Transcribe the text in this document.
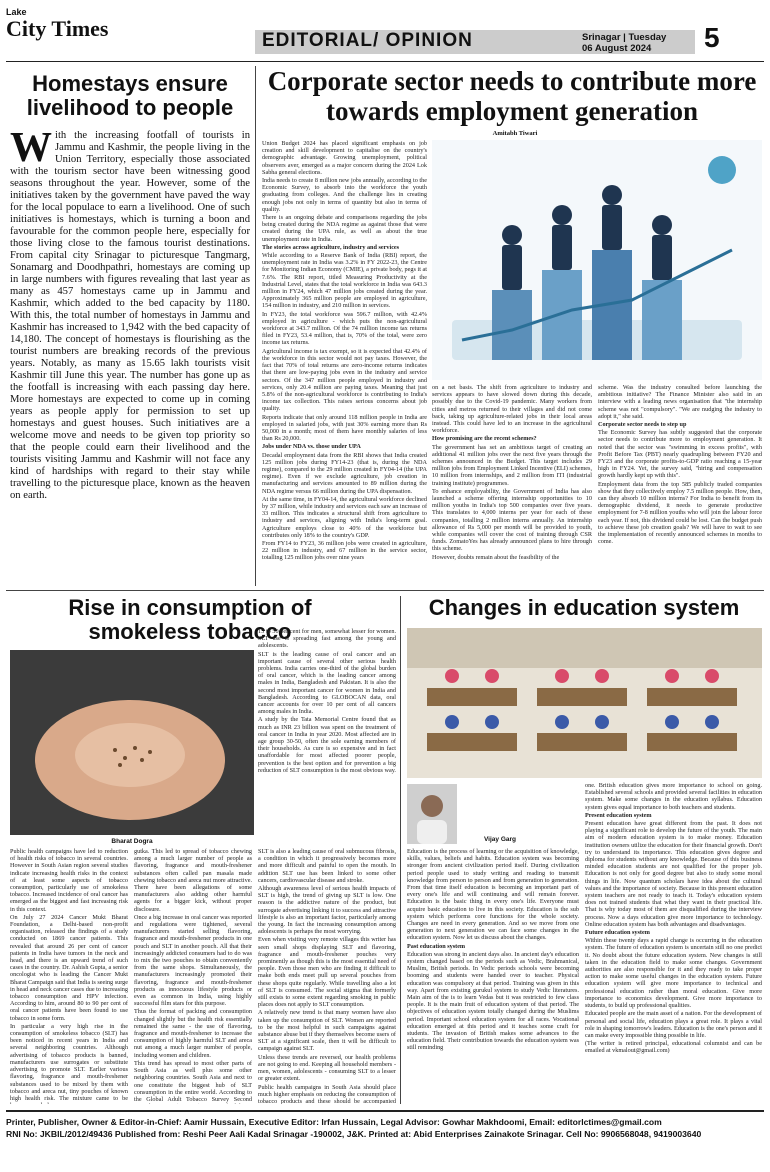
Lake
City Times	EDITORIAL/ OPINION	Srinagar | Tuesday
06 August 2024	5
Homestays ensure livelihood to people
With the increasing footfall of tourists in Jammu and Kashmir, the people living in the Union Territory, especially those associated with the tourism sector have been witnessing good seasons throughout the year. However, some of the initiatives taken by the government have paved the way for the local populace to earn a livelihood. One of such initiatives is homestays, which is turning a boon and favourable for the common people here, especially for those living close to the famous tourist destinations. From capital city Srinagar to picturesque Tangmarg, Sonamarg and Doodhpathri, homestays are coming up in large numbers with figures revealing that last year as many as 457 homestays came up in Jammu and Kashmir, which added to the bed capacity by 1180. With this, the total number of homestays in Jammu and Kashmir has increased to 1,942 with the bed capacity of 14,180. The concept of homestays is flourishing as the tourist numbers are breaking records of the previous years. Notably, as many as 15.65 lakh tourists visit Kashmir till June this year. The number has gone up as the footfall is increasing with each passing day here. More homestays are expected to come up in coming years as people apply for permission to set up homestays and guest houses. Such initiatives are a welcome move and needs to be given top priority so that the people could earn their livelihood and the tourists visiting Jammu and Kashmir will not face any kind of hardships with regard to their stay while travelling to the picturesque place, known as the heaven on earth.
Corporate sector needs to contribute more towards employment generation
Amitabh Tiwari

Union Budget 2024 has placed significant emphasis on job creation and skill development to capitalise on the country's demographic advantage. Growing unemployment, political observers aver, emerged as a major concern during the 2024 Lok Sabha general elections.

India needs to create 8 million new jobs annually, according to the Economic Survey, to absorb into the workforce the youth graduating from colleges. And the challenge lies in creating enough jobs not only in terms of quantity but also in terms of quality.

There is an ongoing debate and comparisons regarding the jobs being created during the NDA regime as against those that were created during the UPA rule, as well as about the true unemployment rate in India.

The stories across agriculture, industry and services

While according to a Reserve Bank of India (RBI) report, the unemployment rate in India was 3.2% in FY 2022-23, the Centre for Monitoring Indian Economy (CMIE), a private body, pegs it at 7.6%. The RBI report, titled Measuring Productivity at the Industrial Level, states that the total workforce in India was 643.3 million in FY24, which 47 million jobs created during the year. Approximately 365 million people are employed in agriculture, 154 million in industry, and 210 million in services.

In FY23, the total workforce was 596.7 million, with 42.4% employed in agriculture - which puts the non-agricultural workforce at 343.7 million. Of the 74 million income tax returns filed in FY23, 53.4 million, that is, 70% of the total, were zero income tax returns.

Agricultural income is tax exempt, so it is expected that 42.4% of the workforce in this sector would not pay taxes. However, the fact that 70% of total returns are zero-income returns indicates that there are low-paying jobs even in the industry and service sectors. Of the 347 million people employed in industry and services, only 20.4 million are paying taxes. Meaning that just 5.8% of the non-agricultural workforce is contributing to India's income tax collection. This raises serious concerns about job quality.

Reports indicate that only around 118 million people in India are employed in salaried jobs, with just 30% earning more than Rs 50,000 in a month; most of them have monthly salaries of less than Rs 20,000.

Jobs under NDA vs. those under UPA

Decadal employment data from the RBI shows that India created 125 million jobs during FY14-23 (that is, during the NDA regime), compared to the 29 million created in FY04-14 (the UPA regime). Even if we exclude agriculture, job creation in manufacturing and services amounted to 89 million during the NDA regime versus 66 million during the UPA dispensation.

At the same time, in FY04-14, the agricultural workforce declined by 37 million, while industry and services each saw an increase of 33 million. This indicates a structural shift from agriculture to industry and services, aligning with India's long-term goal. Agriculture employs close to 40% of the workforce but contributes only 18% to the country's GDP.

From FY14 to FY23, 36 million jobs were created in agriculture, 22 million in industry, and 67 million in the service sector, totalling 125 million jobs over nine years

on a net basis. The shift from agriculture to industry and services appears to have slowed down during this decade, possibly due to the Covid-19 pandemic. Many workers from cities and metros returned to their villages and did not come back, taking up agriculture-related jobs in their local areas instead. This could have led to an increase in the agricultural workforce.

How promising are the recent schemes?

The government has set an ambitious target of creating an additional 41 million jobs over the next five years through the schemes announced in the Budget. This target includes 29 million jobs from Employment Linked Incentive (ELI) schemes, 10 million from internships, and 2 million from ITI (industrial training institute) programmes.

To enhance employability, the Government of India has also launched a scheme offering internship opportunities to 10 million youths in India's top 500 companies over five years. This translates to 4,000 interns per year for each of these companies, totalling 2 million interns annually. An internship allowance of Rs 5,000 per month will be provided to youth, while companies will cover the cost of training through CSR funds. ZomatoYes has already announced plans to hire through this scheme.

However, doubts remain about the feasibility of the

scheme. Was the industry consulted before launching the ambitious initiative? The Finance Minister also said in an interview with a leading news organisation that "the internship scheme was not "compulsory". "We are nudging the industry to adopt it," she said.

Corporate sector needs to step up

The Economic Survey has subtly suggested that the corporate sector needs to contribute more to employment generation. It noted that the sector was "swimming in excess profits", with Profit Before Tax (PBT) nearly quadrupling between FY20 and FY23 and the corporate profits-to-GDP ratio reaching a 15-year high in FY24. Yet, the survey said, "hiring and compensation growth hardly kept up with this".

Employment data from the top 585 publicly traded companies show that they collectively employ 7.5 million people. How, then, can they absorb 10 million interns? For India to benefit from its demographic dividend, it needs to generate productive employment for 7-8 million youths who will join the labour force each year. If not, this dividend could be lost. Can the budget push to achieve these job creation goals? We will have to wait to see the implementation of recently announced schemes in months to come.

Rise in consumption of smokeless tobacco
Bharat Dogra

15 to 50 per cent for men, somewhat lesser for women. SLT use is spreading fast among the young and adolescents.

SLT is the leading cause of oral cancer and an important cause of several other serious health problems. India carries one-third of the global burden of oral cancer, which is the leading cancer among males in India, Bangladesh and Pakistan. It is also the second most important cancer for women in India and Bangladesh. According to GLOBOCAN data, oral cancer accounts for over 10 per cent of all cancers among males in India.

A study by the Tata Memorial Centre found that as much as INR 23 billion was spent on the treatment of oral cancer in India in year 2020. Most affected are in age group 30-50, often the sole earning members of their households. As cure is so expensive and in fact unaffordable for most affected poorer people, prevention is the best option and for prevention a big reduction of SLT consumption is the most obvious way.

Public health campaigns have led to reduction of health risks of tobacco in several countries. However in South Asian region several studies indicate increasing health risks in the context of at least some aspects of tobacco consumption, particularly use of smokeless tobacco. Increased incidence of oral cancer has emerged as the biggest and fast increasing risk in this context.

On July 27 2024 Cancer Mukt Bharat Foundation, a Delhi-based non-profit organisation, released the findings of a study conducted on 1869 cancer patients. This revealed that around 26 per cent of cancer patients in India have tumors in the neck and head, and there is an upward trend of such cases in the country. Dr. Ashish Gupta, a senior oncologist who is leading the Cancer Mukt Bharat Campaign said that India is seeing surge in head and neck cancer cases due to increasing tobacco consumption and HPV infection. According to him, around 80 to 90 per cent of oral cancer patients have been found to use tobacco in some form.

In particular a very high rise in the consumption of smokeless tobacco (SLT) has been noticed in recent years in India and several neighboring countries. Although advertising of tobacco products is banned, manufacturers use surrogates or substitute advertising to promote SLT. Earlier various flavoring, fragrance and mouth-freshener substances used to be mixed by them with tobacco and areca nut, tiny pouches of known high health risk. The mixture came to be

gutka. This led to spread of tobacco chewing among a much larger number of people as flavoring, fragrance and mouth-freshener substances often called pan masala made chewing tobacco and areca nut more attractive. There have been allegations of some manufacturers also adding other harmful agents for a bigger kick, without proper disclosure.

Once a big increase in oral cancer was reported and regulations were tightened, several manufacturers started selling flavoring, fragrance and mouth-freshener products in one pouch and SLT in another pouch. All that their increasingly addicted consumers had to do was to mix the two pouches to obtain conveniently from the same shops. Simultaneously, the manufacturers increasingly promoted their flavoring, fragrance and mouth-freshener products as innocuous lifestyle products or even as common in India, using highly successful film stars for this purpose.

Thus the format of packing and consumption changed slightly but the health risk essentially remained the same - the use of flavoring, fragrance and mouth-freshener to increase the consumption of highly harmful SLT and areca nut among a much larger number of people, including women and children.

This trend has spread to most other parts of South Asia as well plus some other neighboring countries. South Asia and next to one constitute the biggest hub of SLT consumption in the entire world. According to the Global Adult Tobacco Survey Second

SLT is also a leading cause of oral submucous fibrosis, a condition in which it progressively becomes more and more difficult and painful to open the mouth. In addition SLT use has been linked to some other cancers, cardiovascular disease and stroke.

Although awareness level of serious health impacts of SLT is high, the trend of giving up SLT is low. One reason is the addictive nature of the product, but surrogate advertising linking it to success and attractive lifestyle is also an important factor, particularly among the young. In fact the increasing consumption among adolescents is perhaps the most worrying.

Even when visiting very remote villages this writer has seen small shops displaying SLT and flavoring, fragrance and mouth-freshener pouches very prominently as though this is the most essential need of people. Even those men who are finding it difficult to make both ends meet pull up several pouches from these shops quite regularly. While travelling also a lot of SLT is consumed. The social stigma that formerly still exists to some extent regarding smoking in public places does not apply to SLT consumption.

A relatively new trend is that many women have also taken up the consumption of SLT. Women are reported to be the most helpful in such campaigns against substance abuse but if they themselves become users of SLT at a significant scale, then it will be difficult to campaign against SLT.

Unless these trends are reversed, our health problems are not going to end. Keeping all household members - men, women, adolescents - consuming SLT to a lesser or greater extent.

Public health campaigns in South Asia should place much higher emphasis on reducing the consumption of tobacco products and these should be accompanied

Changes in education system
Vijay Garg

Education is the process of learning or the acquisition of knowledge, skills, values, beliefs and habits. Education system was becoming stronger from ancient civilization period itself. During civilization period people used to study writing and reading to transmit knowledge from person to person and from generation to generation. From that time itself education is becoming an important part of every one's life and will continuing and will remain forever. Education is the basic thing in every one's life. Everyone must acquire basic education to live in this society. Education is the sub system which performs core functions for the whole society. Changes are need in every generation. And so we move from one generation to next generation we can face some changes in the education system. Now let us discuss about the changes.

Past education system

Education was strong in ancient days also. In ancient day's education system changed based on the periods such as Vedic, Brahmanical, Muslim, British periods. In Vedic periods schools were becoming booming and students were handed over to teacher. Physical education was compulsory at that period. Training was given in this way. Apart from existing gurukul system to study Vedic literatures. Main aim of the is to learn Vedas but it was restricted to few class people. It is the main fruit of education system of that period. The objectives of education system totally changed during the Muslims period. Important school education system for all races. Vocational education emerged at this period and it teaches some craft for students. The invasion of British makes some advances to the education field. Their contribution towards the education system was still reminding

one. British education gives more importance to school on going. Established several schools and provided several facilities in education system. Make some changes in the education syllabus. Education system gives equal importance to both teachers and students.

Present education system

Present education have great different from the past. It does not playing a significant role to develop the future of the youth. The main aim of modern education system is to make money. Education institution owners utilize the education for their financial growth. Don't try to understand its importance. This education gives degree and diploma for students without any knowledge. Because of this business minded education students are not qualified for the proper job. Education is not only for good degree but also to study some moral things in life. Now quantum scholars have idea about the cultural values and the importance of society. Because in this present education system teachers are not ready to teach it. Today's education system does not trained students that what they want in their practical life. That is why today most of them are disqualified during the interview process. Now a days education give more importance to technology. Online education system has both advantages and disadvantages.

Future education system

Within these twenty days a rapid change is occurring in the education system. The future of education system is uncertain still no one predict it. No doubt about the future education system. New changes is still taken in the education field to make some changes. Government authorities are also responsible for it and they ready to take proper action to make some useful changes in the education system. Future education system will give more importance to technical and professional education rather than moral education. Give more importance to economics development. Give more importance to students, to build up professional qualities.

Educated people are the main asset of a nation. For the development of personal and social life, education plays a great role. It plays a vital role in shaping tomorrow's leaders. Education is the one's person and it can make every impossible thing possible in life.

(The writer is retired principal, educational columnist and can be emailed at vkmalout@gmail.com)

Printer, Publisher, Owner & Editor-in-Chief: Aamir Hussain, Executive Editor: Irfan Hussain, Legal Advisor: Gowhar Makhdoomi, Email: editorlctimes@gmail.com
RNI No: JKBIL/2012/49436 Published from: Reshi Peer Aali Kadal Srinagar -190002, J&K. Printed at: Abid Enterprises Zainakote Srinagar. Cell No: 9906568048, 9419003640
